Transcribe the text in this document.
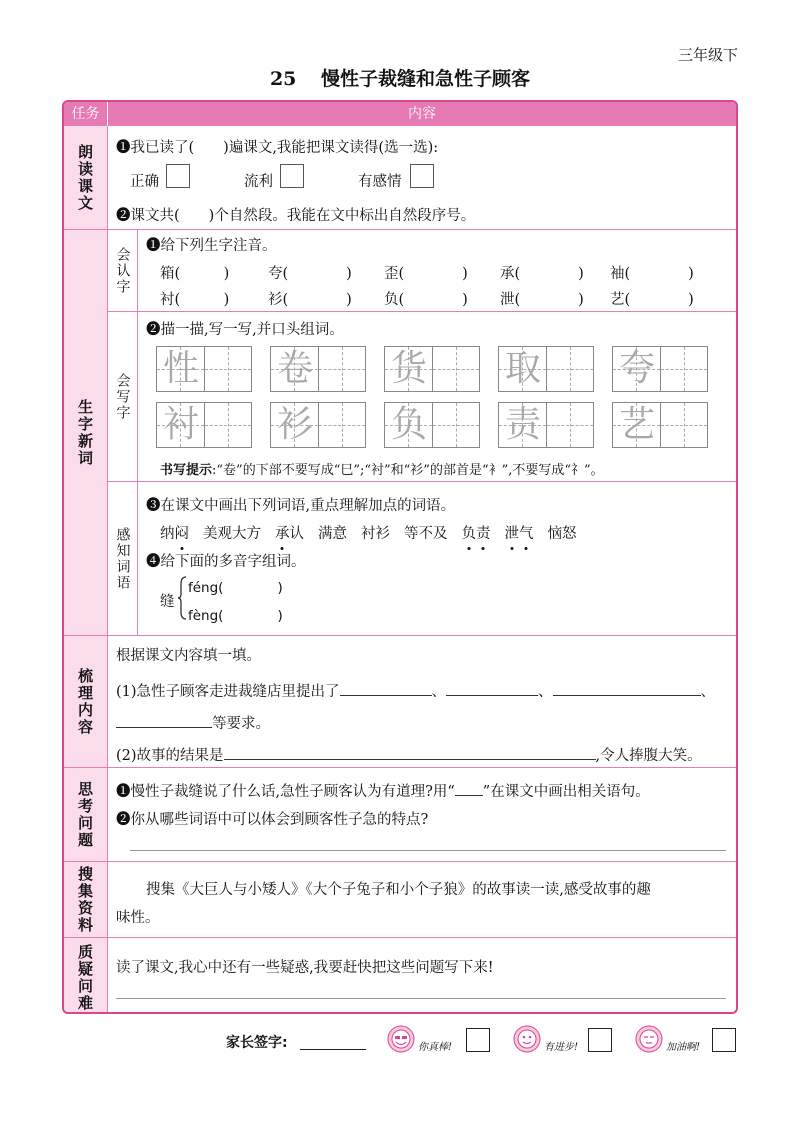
三年级下
25 慢性子裁缝和急性子顾客
任务	内容
朗读课文 ❶我已读了(　　)遍课文,我能把课文读得(选一选):
正确	流利	有感情
❷课文共(　　)个自然段。我能在文中标出自然段序号。
生字新词
会认字
❶给下列生字注音。
箱(　　　)	夸(　　　　) 歪(　　　　) 承(　　　　) 袖(　　　　)
衬(　　　)	衫(　　　　) 负(　　　　) 泄(　　　　) 艺(　　　　)
会写字
❷描一描,写一写,并口头组词。
性 卷 货 取 夸
衬 衫 负 责 艺
书写提示:“卷”的下部不要写成“巳”;“衬”和“衫”的部首是“衤”,不要写成“礻”。
感知词语
❸在课文中画出下列词语,重点理解加点的词语。
纳闷 美观大方 承认 满意 衬衫 等不及 负责 泄气 恼怒
❹给下面的多音字组词。
缝
féng(　　　　)
fèng(　　　　)
梳理内容
根据课文内容填一填。
(1)急性子顾客走进裁缝店里提出了	、	、	、
等要求。
(2)故事的结果是	,令人捧腹大笑。
思考问题 ❶慢性子裁缝说了什么话,急性子顾客认为有道理?用“ ”在课文中画出相关语句。
❷你从哪些词语中可以体会到顾客性子急的特点?
搜集资料	搜集《大巨人与小矮人》《大个子兔子和小个子狼》的故事读一读,感受故事的趣
味性。
质疑问难 读了课文,我心中还有一些疑惑,我要赶快把这些问题写下来!
家长签字:	你真棒!	有进步!	加油啊!
